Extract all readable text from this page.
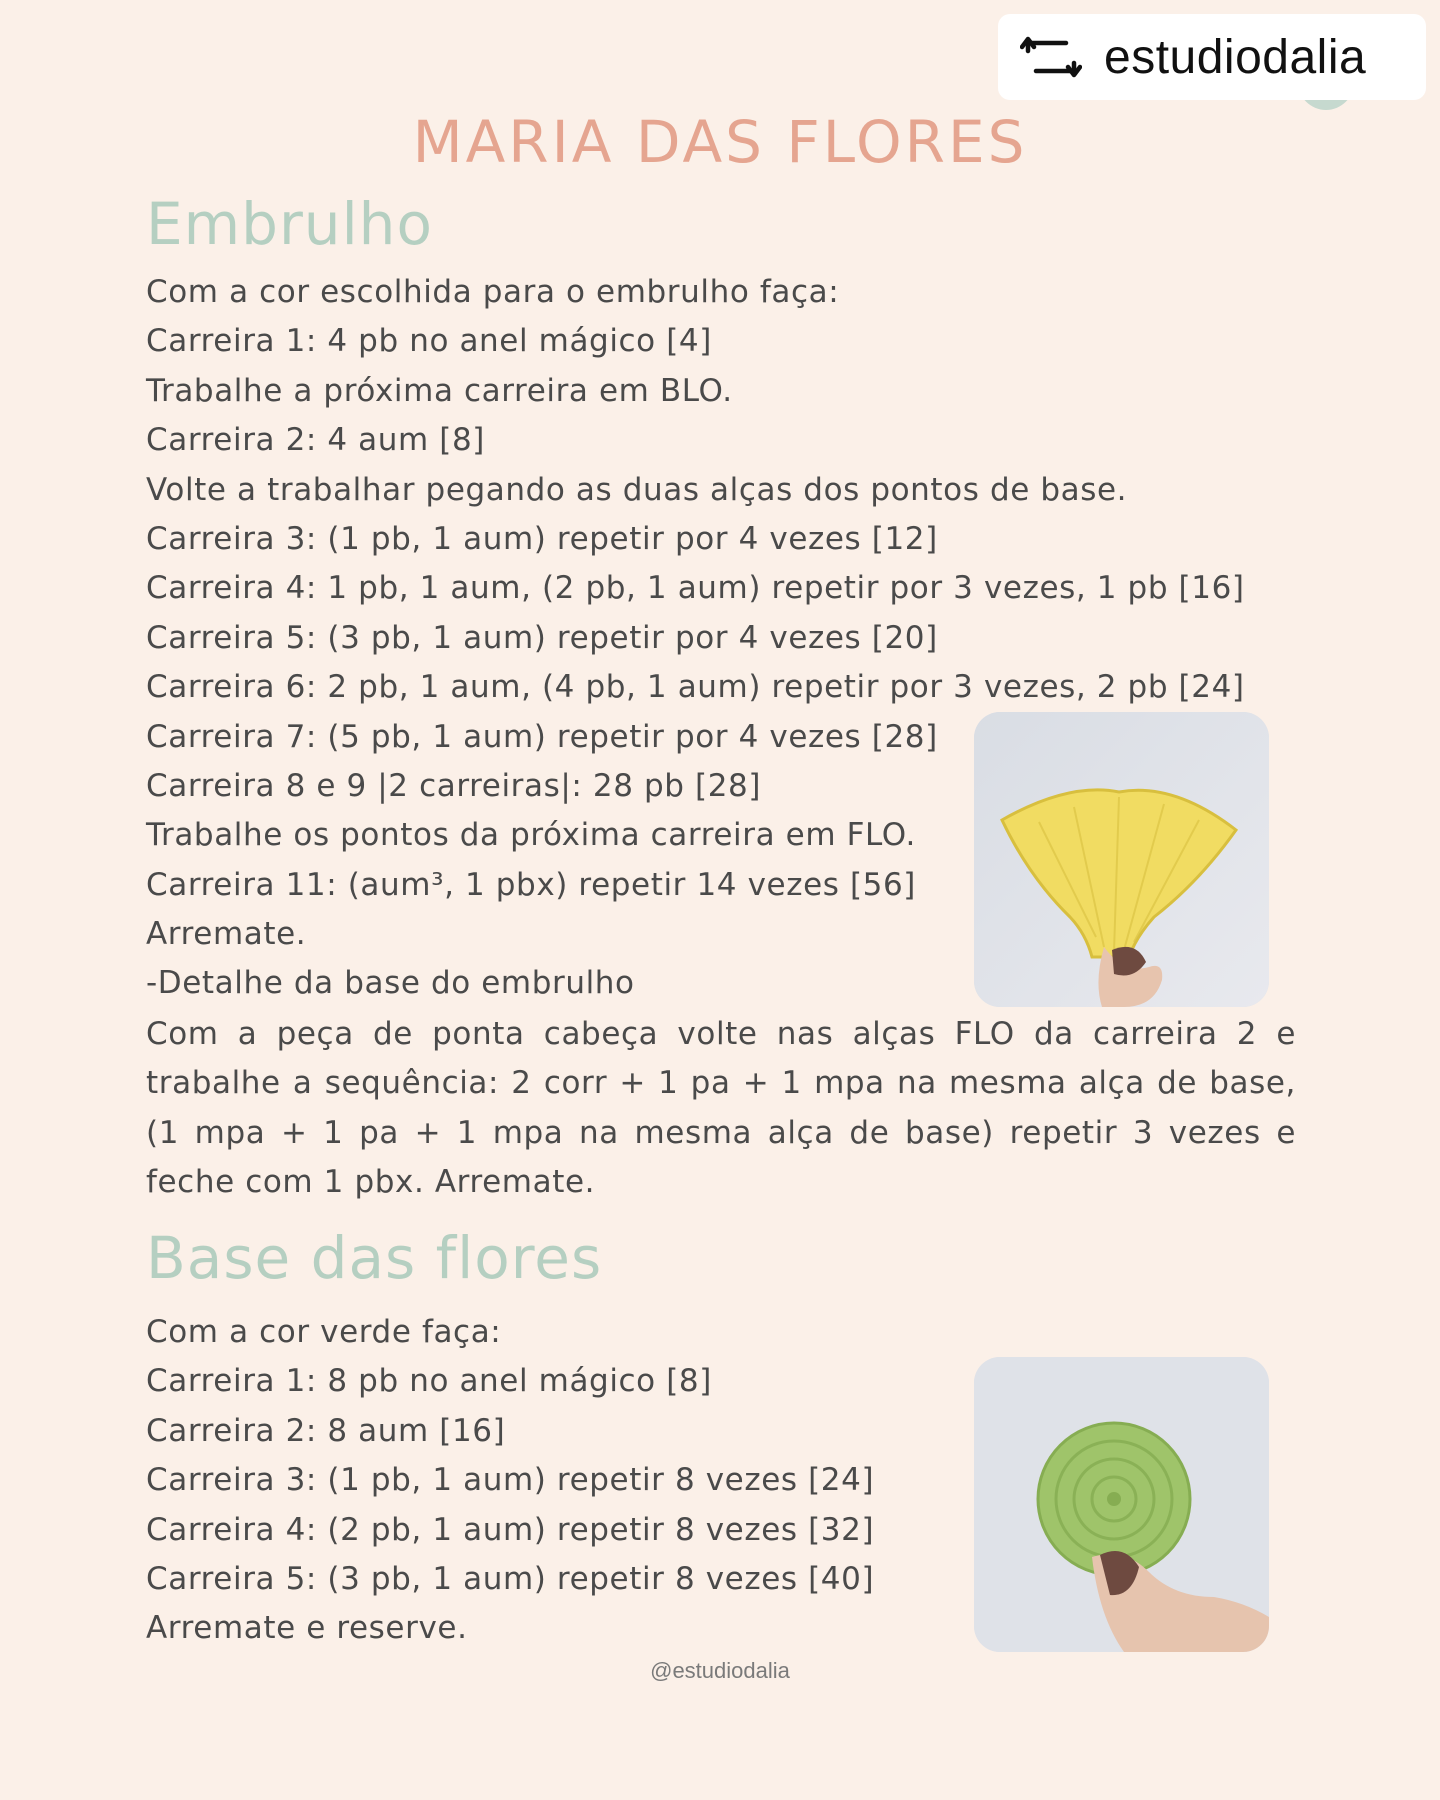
estudiodalia
MARIA DAS FLORES
Embrulho
Com a cor escolhida para o embrulho faça:
Carreira 1: 4 pb no anel mágico [4]
Trabalhe a próxima carreira em BLO.
Carreira 2: 4 aum [8]
Volte a trabalhar pegando as duas alças dos pontos de base.
Carreira 3: (1 pb, 1 aum) repetir por 4 vezes [12]
Carreira 4: 1 pb, 1 aum, (2 pb, 1 aum) repetir por 3 vezes, 1 pb [16]
Carreira 5: (3 pb, 1 aum) repetir por 4 vezes [20]
Carreira 6: 2 pb, 1 aum, (4 pb, 1 aum) repetir por 3 vezes, 2 pb [24]
Carreira 7: (5 pb, 1 aum) repetir por 4 vezes [28]
Carreira 8 e 9 |2 carreiras|: 28 pb [28]
Trabalhe os pontos da próxima carreira em FLO.
Carreira 11: (aum³, 1 pbx) repetir 14 vezes [56]
Arremate.
-Detalhe da base do embrulho

Com a peça de ponta cabeça volte nas alças FLO da carreira 2 e trabalhe a sequência: 2 corr + 1 pa + 1 mpa na mesma alça de base, (1 mpa + 1 pa + 1 mpa na mesma alça de base) repetir 3 vezes e feche com 1 pbx. Arremate.

Base das flores
Com a cor verde faça:
Carreira 1: 8 pb no anel mágico [8]
Carreira 2: 8 aum [16]
Carreira 3: (1 pb, 1 aum) repetir 8 vezes [24]
Carreira 4: (2 pb, 1 aum) repetir 8 vezes [32]
Carreira 5: (3 pb, 1 aum) repetir 8 vezes [40]
Arremate e reserve.
@estudiodalia
